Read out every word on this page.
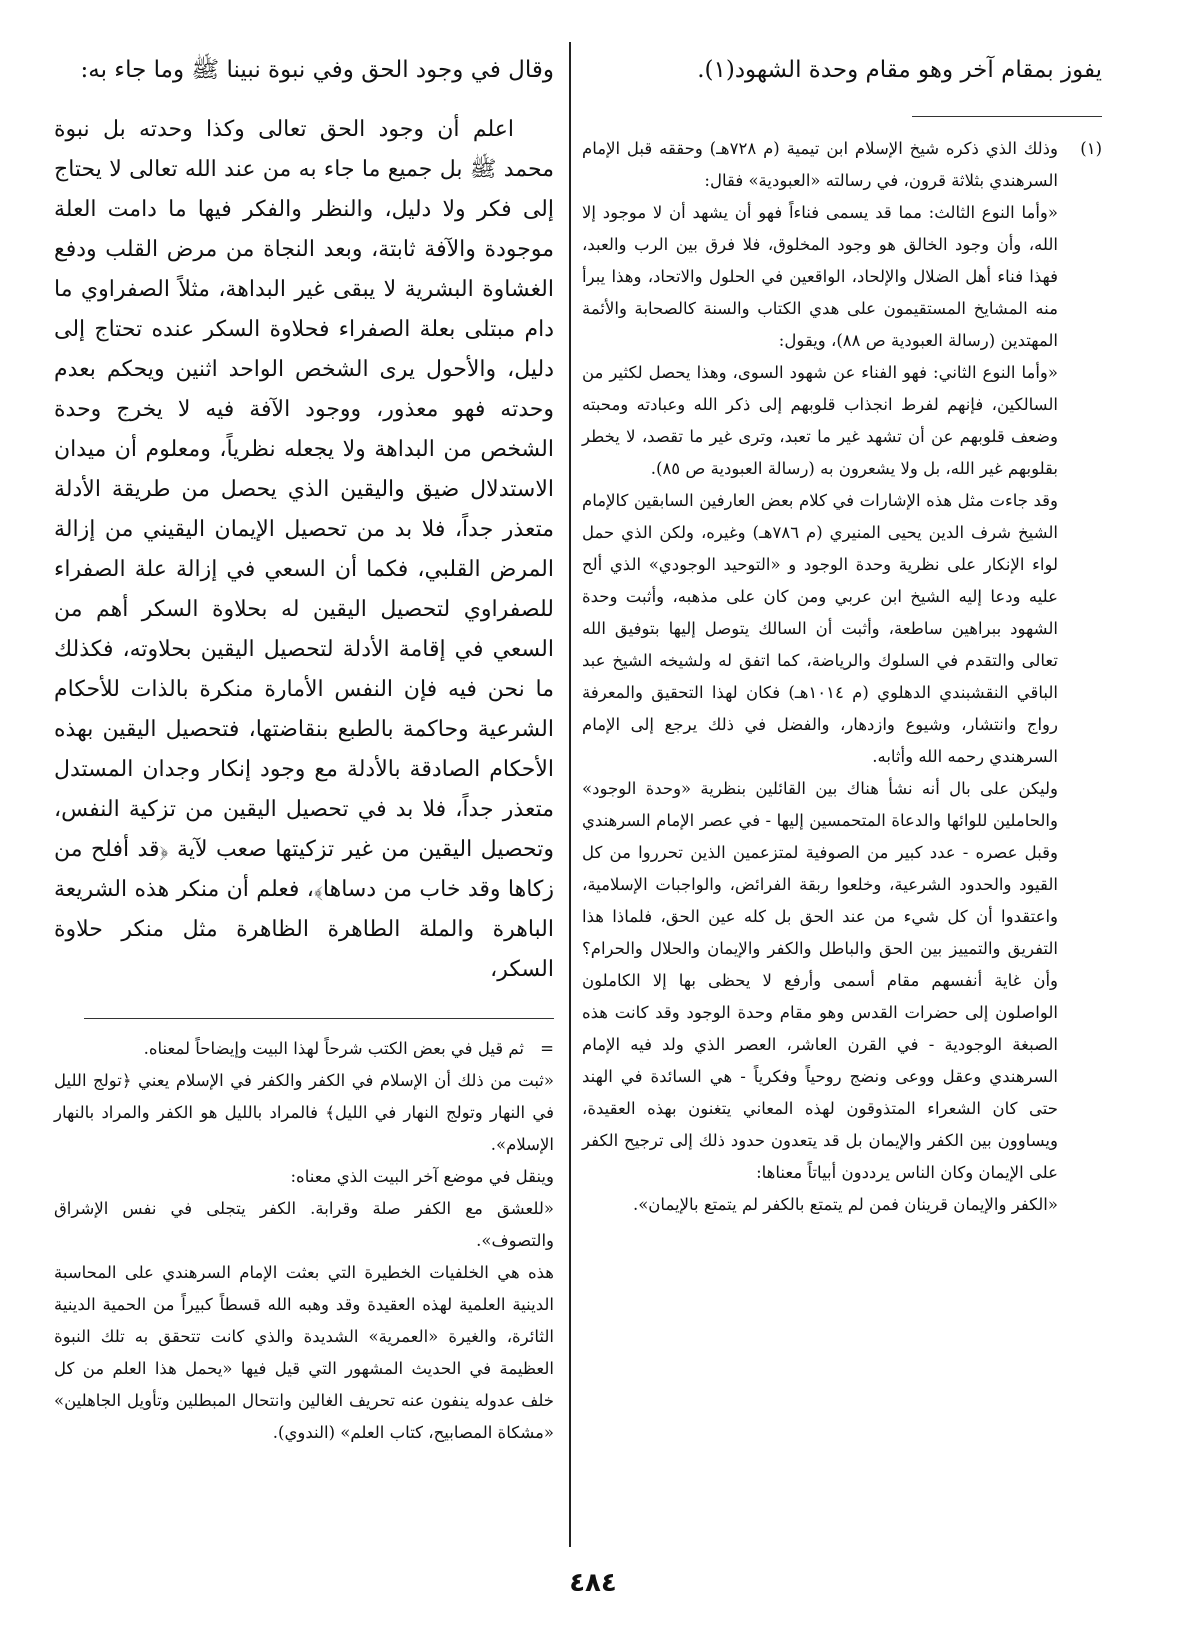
يفوز بمقام آخر وهو مقام وحدة الشهود(١).

(١)

وذلك الذي ذكره شيخ الإسلام ابن تيمية (م ٧٢٨هـ) وحققه قبل الإمام السرهندي بثلاثة قرون، في رسالته «العبودية» فقال:

«وأما النوع الثالث: مما قد يسمى فناءاً فهو أن يشهد أن لا موجود إلا الله، وأن وجود الخالق هو وجود المخلوق، فلا فرق بين الرب والعبد، فهذا فناء أهل الضلال والإلحاد، الواقعين في الحلول والاتحاد، وهذا يبرأ منه المشايخ المستقيمون على هدي الكتاب والسنة كالصحابة والأئمة المهتدين (رسالة العبودية ص ٨٨)، ويقول:

«وأما النوع الثاني: فهو الفناء عن شهود السوى، وهذا يحصل لكثير من السالكين، فإنهم لفرط انجذاب قلوبهم إلى ذكر الله وعبادته ومحبته وضعف قلوبهم عن أن تشهد غير ما تعبد، وترى غير ما تقصد، لا يخطر بقلوبهم غير الله، بل ولا يشعرون به (رسالة العبودية ص ٨٥).

وقد جاءت مثل هذه الإشارات في كلام بعض العارفين السابقين كالإمام الشيخ شرف الدين يحيى المنيري (م ٧٨٦هـ) وغيره، ولكن الذي حمل لواء الإنكار على نظرية وحدة الوجود و «التوحيد الوجودي» الذي ألح عليه ودعا إليه الشيخ ابن عربي ومن كان على مذهبه، وأثبت وحدة الشهود ببراهين ساطعة، وأثبت أن السالك يتوصل إليها بتوفيق الله تعالى والتقدم في السلوك والرياضة، كما اتفق له ولشيخه الشيخ عبد الباقي النقشبندي الدهلوي (م ١٠١٤هـ) فكان لهذا التحقيق والمعرفة رواج وانتشار، وشيوع وازدهار، والفضل في ذلك يرجع إلى الإمام السرهندي رحمه الله وأثابه.

وليكن على بال أنه نشأ هناك بين القائلين بنظرية «وحدة الوجود» والحاملين للوائها والدعاة المتحمسين إليها - في عصر الإمام السرهندي وقبل عصره - عدد كبير من الصوفية لمتزعمين الذين تحرروا من كل القيود والحدود الشرعية، وخلعوا ربقة الفرائض، والواجبات الإسلامية، واعتقدوا أن كل شيء من عند الحق بل كله عين الحق، فلماذا هذا التفريق والتمييز بين الحق والباطل والكفر والإيمان والحلال والحرام؟ وأن غاية أنفسهم مقام أسمى وأرفع لا يحظى بها إلا الكاملون الواصلون إلى حضرات القدس وهو مقام وحدة الوجود وقد كانت هذه الصبغة الوجودية - في القرن العاشر، العصر الذي ولد فيه الإمام السرهندي وعقل ووعى ونضج روحياً وفكرياً - هي السائدة في الهند حتى كان الشعراء المتذوقون لهذه المعاني يتغنون بهذه العقيدة، ويساوون بين الكفر والإيمان بل قد يتعدون حدود ذلك إلى ترجيح الكفر على الإيمان وكان الناس يرددون أبياتاً معناها:

«الكفر والإيمان قرينان فمن لم يتمتع بالكفر لم يتمتع بالإيمان».

وقال في وجود الحق وفي نبوة نبينا ﷺ وما جاء به:

اعلم أن وجود الحق تعالى وكذا وحدته بل نبوة محمد ﷺ بل جميع ما جاء به من عند الله تعالى لا يحتاج إلى فكر ولا دليل، والنظر والفكر فيها ما دامت العلة موجودة والآفة ثابتة، وبعد النجاة من مرض القلب ودفع الغشاوة البشرية لا يبقى غير البداهة، مثلاً الصفراوي ما دام مبتلى بعلة الصفراء فحلاوة السكر عنده تحتاج إلى دليل، والأحول يرى الشخص الواحد اثنين ويحكم بعدم وحدته فهو معذور، ووجود الآفة فيه لا يخرج وحدة الشخص من البداهة ولا يجعله نظرياً، ومعلوم أن ميدان الاستدلال ضيق واليقين الذي يحصل من طريقة الأدلة متعذر جداً، فلا بد من تحصيل الإيمان اليقيني من إزالة المرض القلبي، فكما أن السعي في إزالة علة الصفراء للصفراوي لتحصيل اليقين له بحلاوة السكر أهم من السعي في إقامة الأدلة لتحصيل اليقين بحلاوته، فكذلك ما نحن فيه فإن النفس الأمارة منكرة بالذات للأحكام الشرعية وحاكمة بالطبع بنقاضتها، فتحصيل اليقين بهذه الأحكام الصادقة بالأدلة مع وجود إنكار وجدان المستدل متعذر جداً، فلا بد في تحصيل اليقين من تزكية النفس، وتحصيل اليقين من غير تزكيتها صعب لآية ﴿قد أفلح من زكاها وقد خاب من دساها﴾، فعلم أن منكر هذه الشريعة الباهرة والملة الطاهرة الظاهرة مثل منكر حلاوة السكر،

=

ثم قيل في بعض الكتب شرحاً لهذا البيت وإيضاحاً لمعناه.

«ثبت من ذلك أن الإسلام في الكفر والكفر في الإسلام يعني ﴿تولج الليل في النهار وتولج النهار في الليل﴾ فالمراد بالليل هو الكفر والمراد بالنهار الإسلام».

وينقل في موضع آخر البيت الذي معناه:

«للعشق مع الكفر صلة وقرابة. الكفر يتجلى في نفس الإشراق والتصوف».

هذه هي الخلفيات الخطيرة التي بعثت الإمام السرهندي على المحاسبة الدينية العلمية لهذه العقيدة وقد وهبه الله قسطاً كبيراً من الحمية الدينية الثائرة، والغيرة «العمرية» الشديدة والذي كانت تتحقق به تلك النبوة العظيمة في الحديث المشهور التي قيل فيها «يحمل هذا العلم من كل خلف عدوله ينفون عنه تحريف الغالين وانتحال المبطلين وتأويل الجاهلين» «مشكاة المصابيح، كتاب العلم» (الندوي).

٤٨٤
